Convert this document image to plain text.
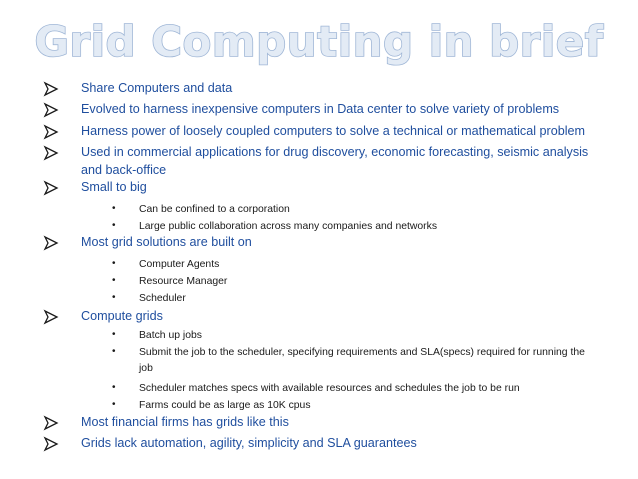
Grid Computing in brief
Share Computers and data
Evolved to harness inexpensive computers in Data center to solve variety of problems
Harness power of loosely coupled computers to solve a technical or mathematical problem
Used in commercial applications for drug discovery, economic forecasting, seismic analysis and back-office
Small to big
• Can be confined to a corporation
• Large public collaboration across many companies and networks
Most grid solutions are built on
• Computer Agents
• Resource Manager
• Scheduler
Compute grids
• Batch up jobs
• Submit the job to the scheduler, specifying requirements and SLA(specs) required for running the job
• Scheduler matches specs with available resources and schedules the job to be run
• Farms could be as large as 10K cpus
Most financial firms has grids like this
Grids lack automation, agility, simplicity and SLA guarantees
